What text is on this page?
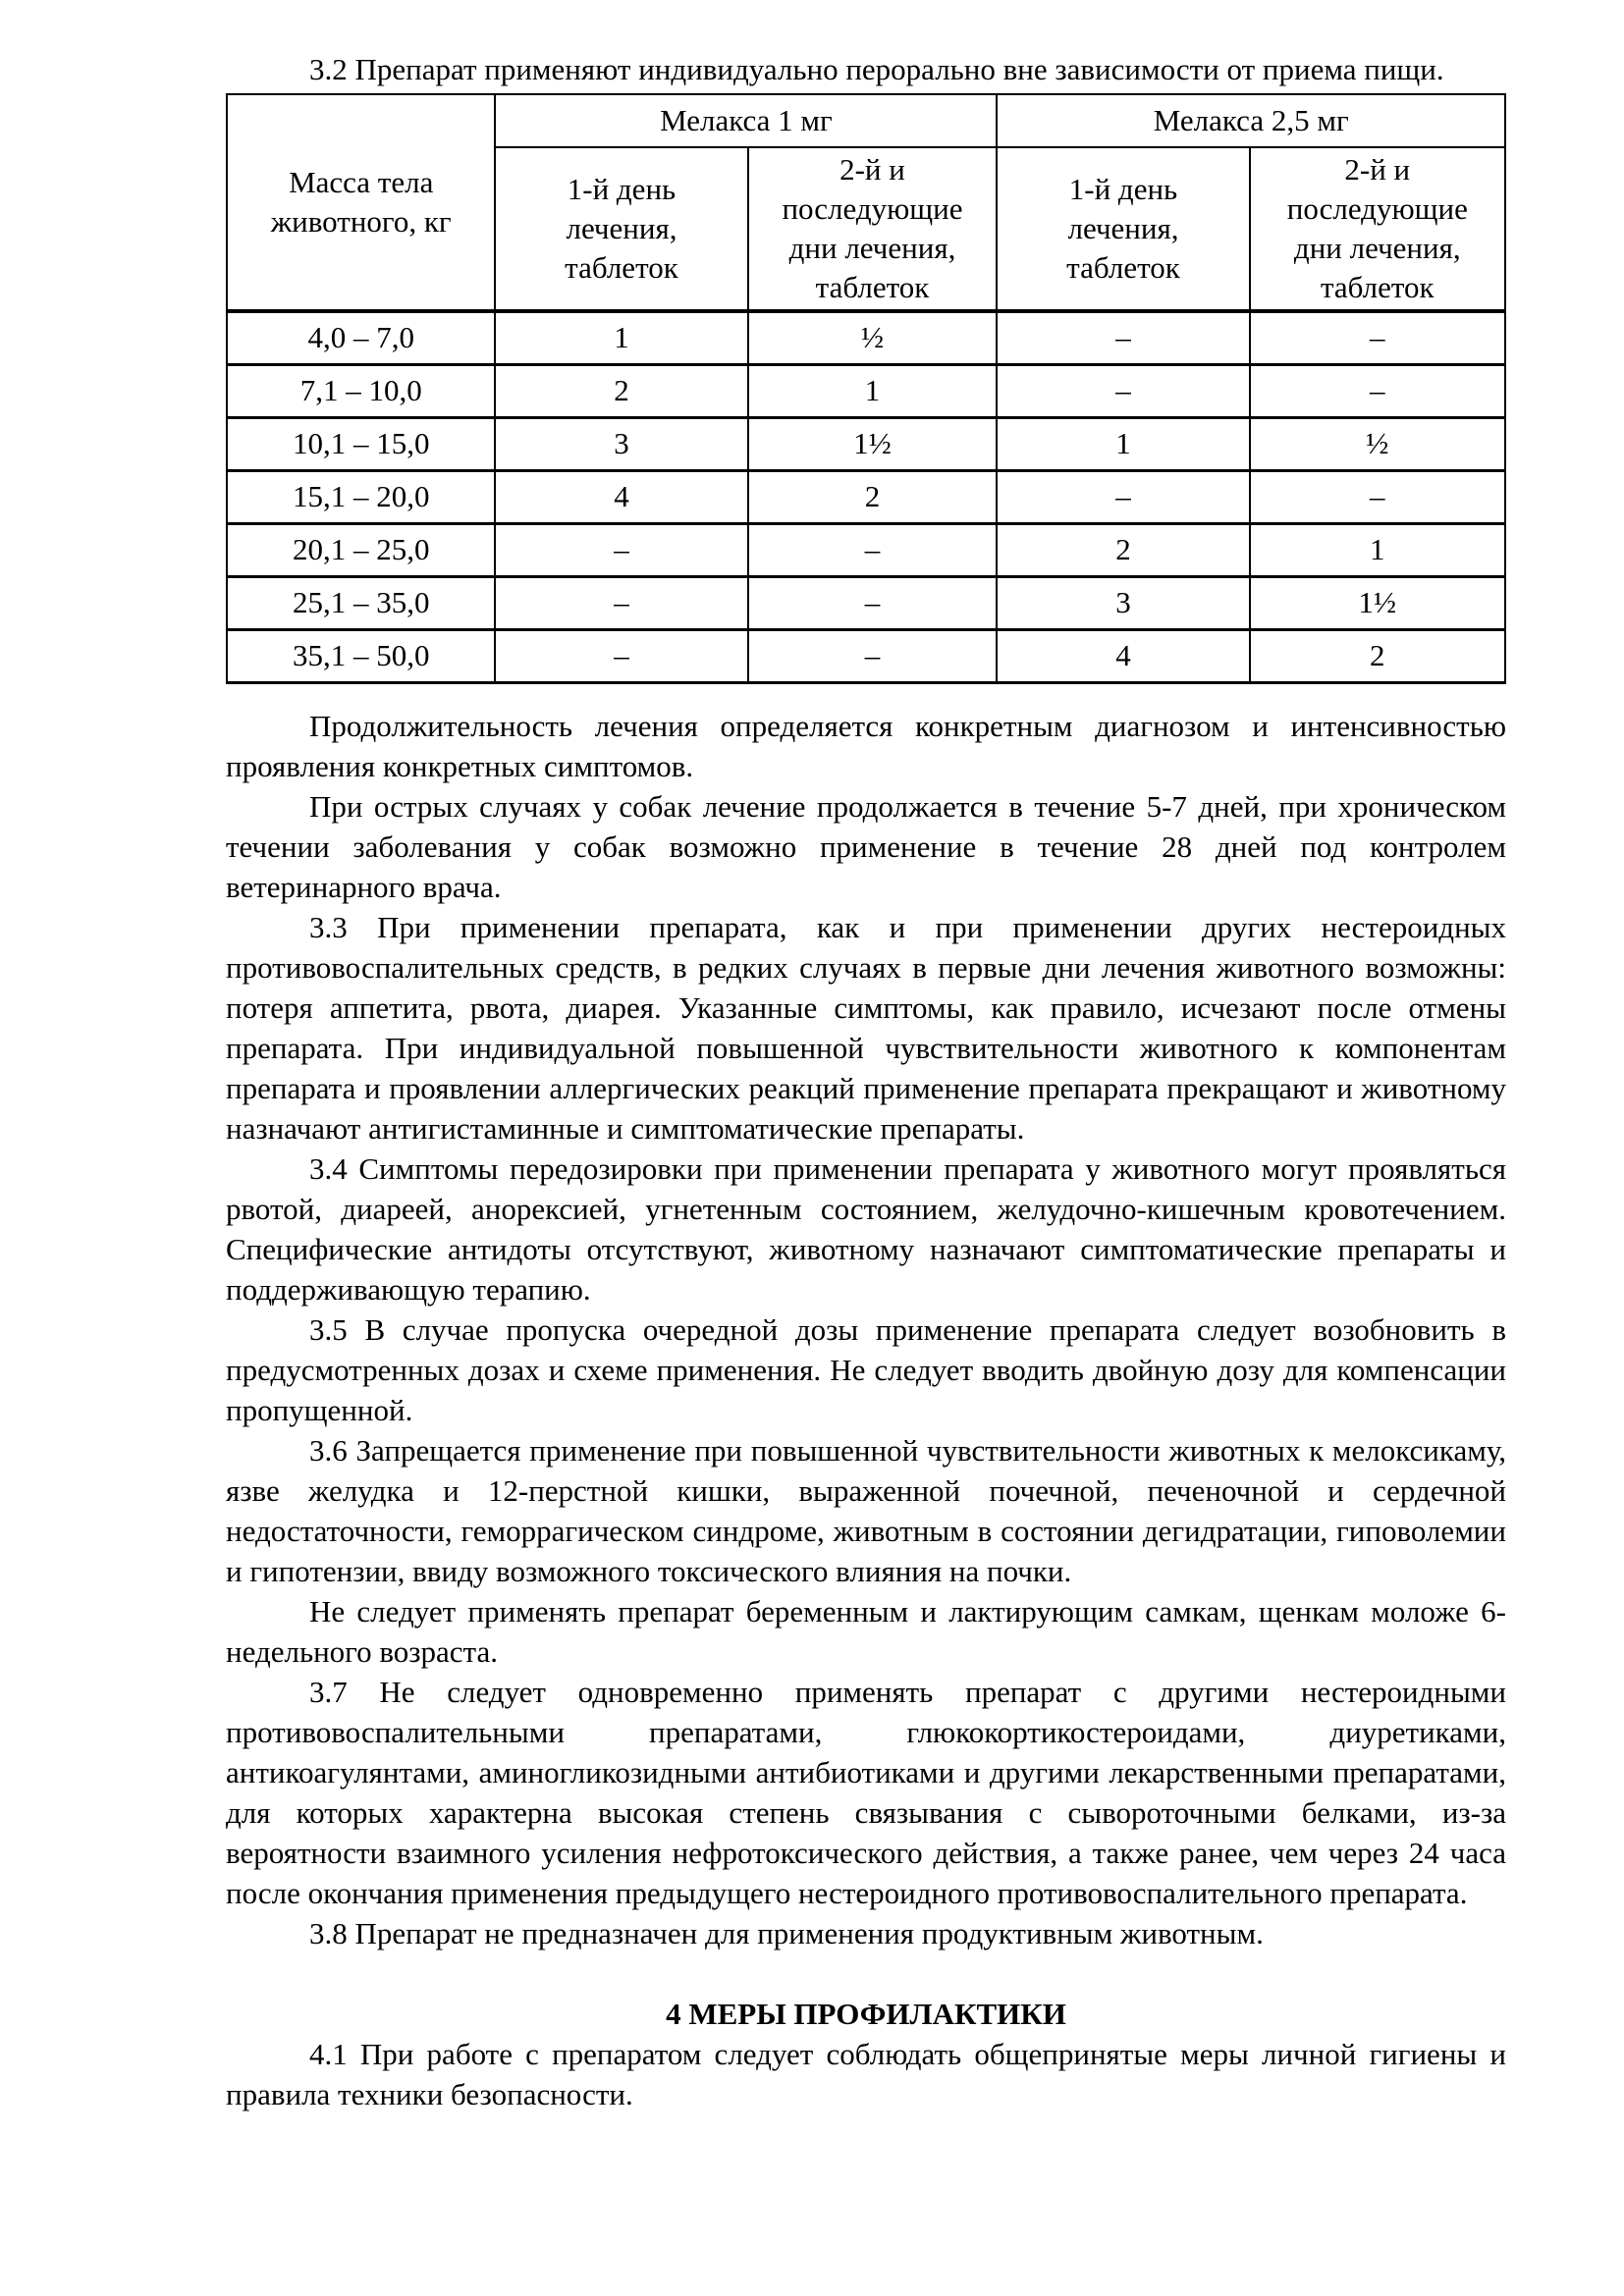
3.2 Препарат применяют индивидуально перорально вне зависимости от приема пищи.

Масса тела животного, кг	Мелакса 1 мг		Мелакса 2,5 мг	
	1-й день лечения, таблеток	2-й и последующие дни лечения, таблеток	1-й день лечения, таблеток	2-й и последующие дни лечения, таблеток
4,0 – 7,0	1	½	–	–
7,1 – 10,0	2	1	–	–
10,1 – 15,0	3	1½	1	½
15,1 – 20,0	4	2	–	–
20,1 – 25,0	–	–	2	1
25,1 – 35,0	–	–	3	1½
35,1 – 50,0	–	–	4	2

Продолжительность лечения определяется конкретным диагнозом и интенсивностью проявления конкретных симптомов.

При острых случаях у собак лечение продолжается в течение 5-7 дней, при хроническом течении заболевания у собак возможно применение в течение 28 дней под контролем ветеринарного врача.

3.3 При применении препарата, как и при применении других нестероидных противовоспалительных средств, в редких случаях в первые дни лечения животного возможны: потеря аппетита, рвота, диарея. Указанные симптомы, как правило, исчезают после отмены препарата. При индивидуальной повышенной чувствительности животного к компонентам препарата и проявлении аллергических реакций применение препарата прекращают и животному назначают антигистаминные и симптоматические препараты.

3.4 Симптомы передозировки при применении препарата у животного могут проявляться рвотой, диареей, анорексией, угнетенным состоянием, желудочно-кишечным кровотечением. Специфические антидоты отсутствуют, животному назначают симптоматические препараты и поддерживающую терапию.

3.5 В случае пропуска очередной дозы применение препарата следует возобновить в предусмотренных дозах и схеме применения. Не следует вводить двойную дозу для компенсации пропущенной.

3.6 Запрещается применение при повышенной чувствительности животных к мелоксикаму, язве желудка и 12-перстной кишки, выраженной почечной, печеночной и сердечной недостаточности, геморрагическом синдроме, животным в состоянии дегидратации, гиповолемии и гипотензии, ввиду возможного токсического влияния на почки.

Не следует применять препарат беременным и лактирующим самкам, щенкам моложе 6-недельного возраста.

3.7 Не следует одновременно применять препарат с другими нестероидными противовоспалительными препаратами, глюкокортикостероидами, диуретиками, антикоагулянтами, аминогликозидными антибиотиками и другими лекарственными препаратами, для которых характерна высокая степень связывания с сывороточными белками, из-за вероятности взаимного усиления нефротоксического действия, а также ранее, чем через 24 часа после окончания применения предыдущего нестероидного противовоспалительного препарата.

3.8 Препарат не предназначен для применения продуктивным животным.

4 МЕРЫ ПРОФИЛАКТИКИ

4.1 При работе с препаратом следует соблюдать общепринятые меры личной гигиены и правила техники безопасности.
